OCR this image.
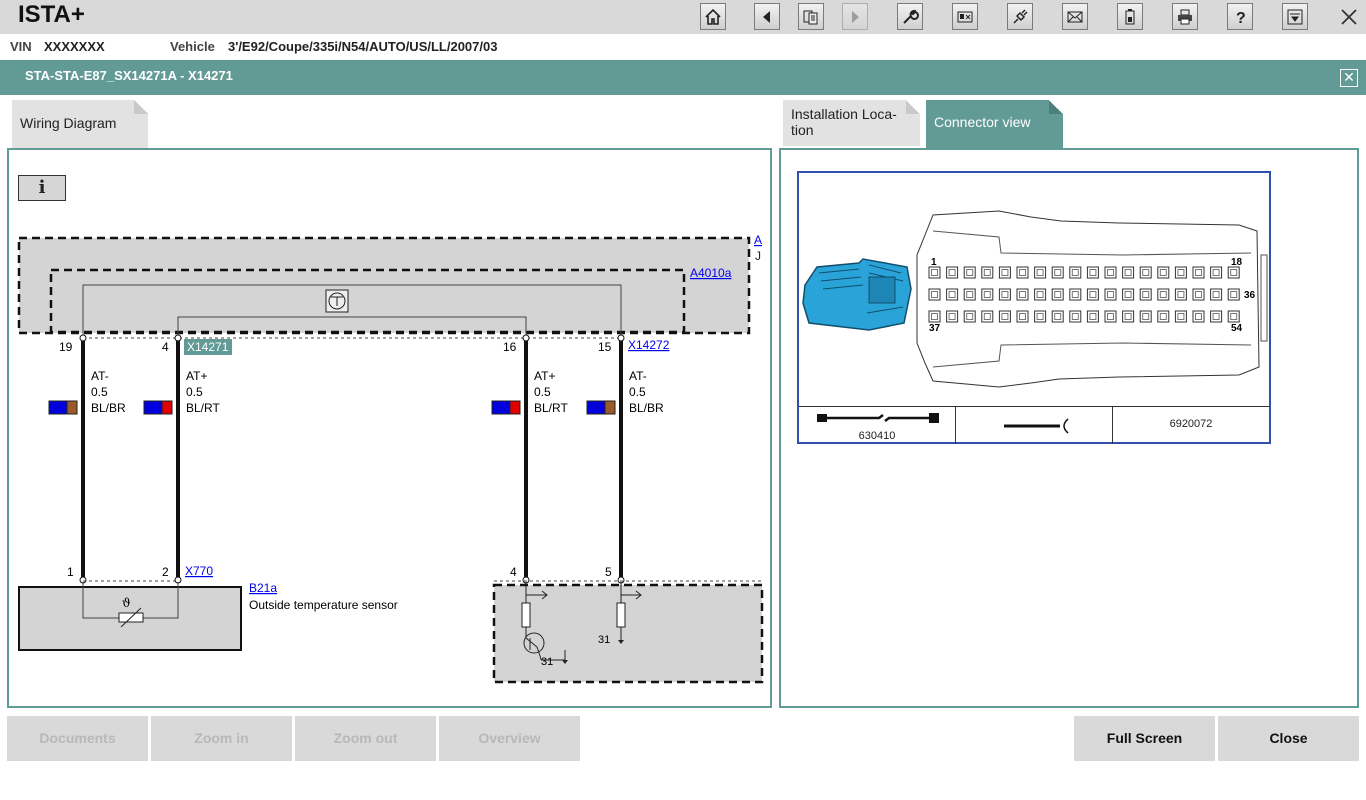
ISTA+	?
VIN XXXXXXX	Vehicle 3'/E92/Coupe/335i/N54/AUTO/US/LL/2007/03
STA-STA-E87_SX14271A - X14271	✕
Wiring Diagram
Installation Loca-
tion	Connector view
i
A
J
A4010a
X14271	X14272
19	4	16	15
AT-
0.5
BL/BR
AT+
0.5
BL/RT
AT+
0.5
BL/RT
AT-
0.5
BL/BR
1	2	4	5
X770
ϑ
B21a
Outside temperature sensor
31
31
1	18
36
37	54
630410
6920072
Documents	Zoom in	Zoom out	Overview	Full Screen	Close
